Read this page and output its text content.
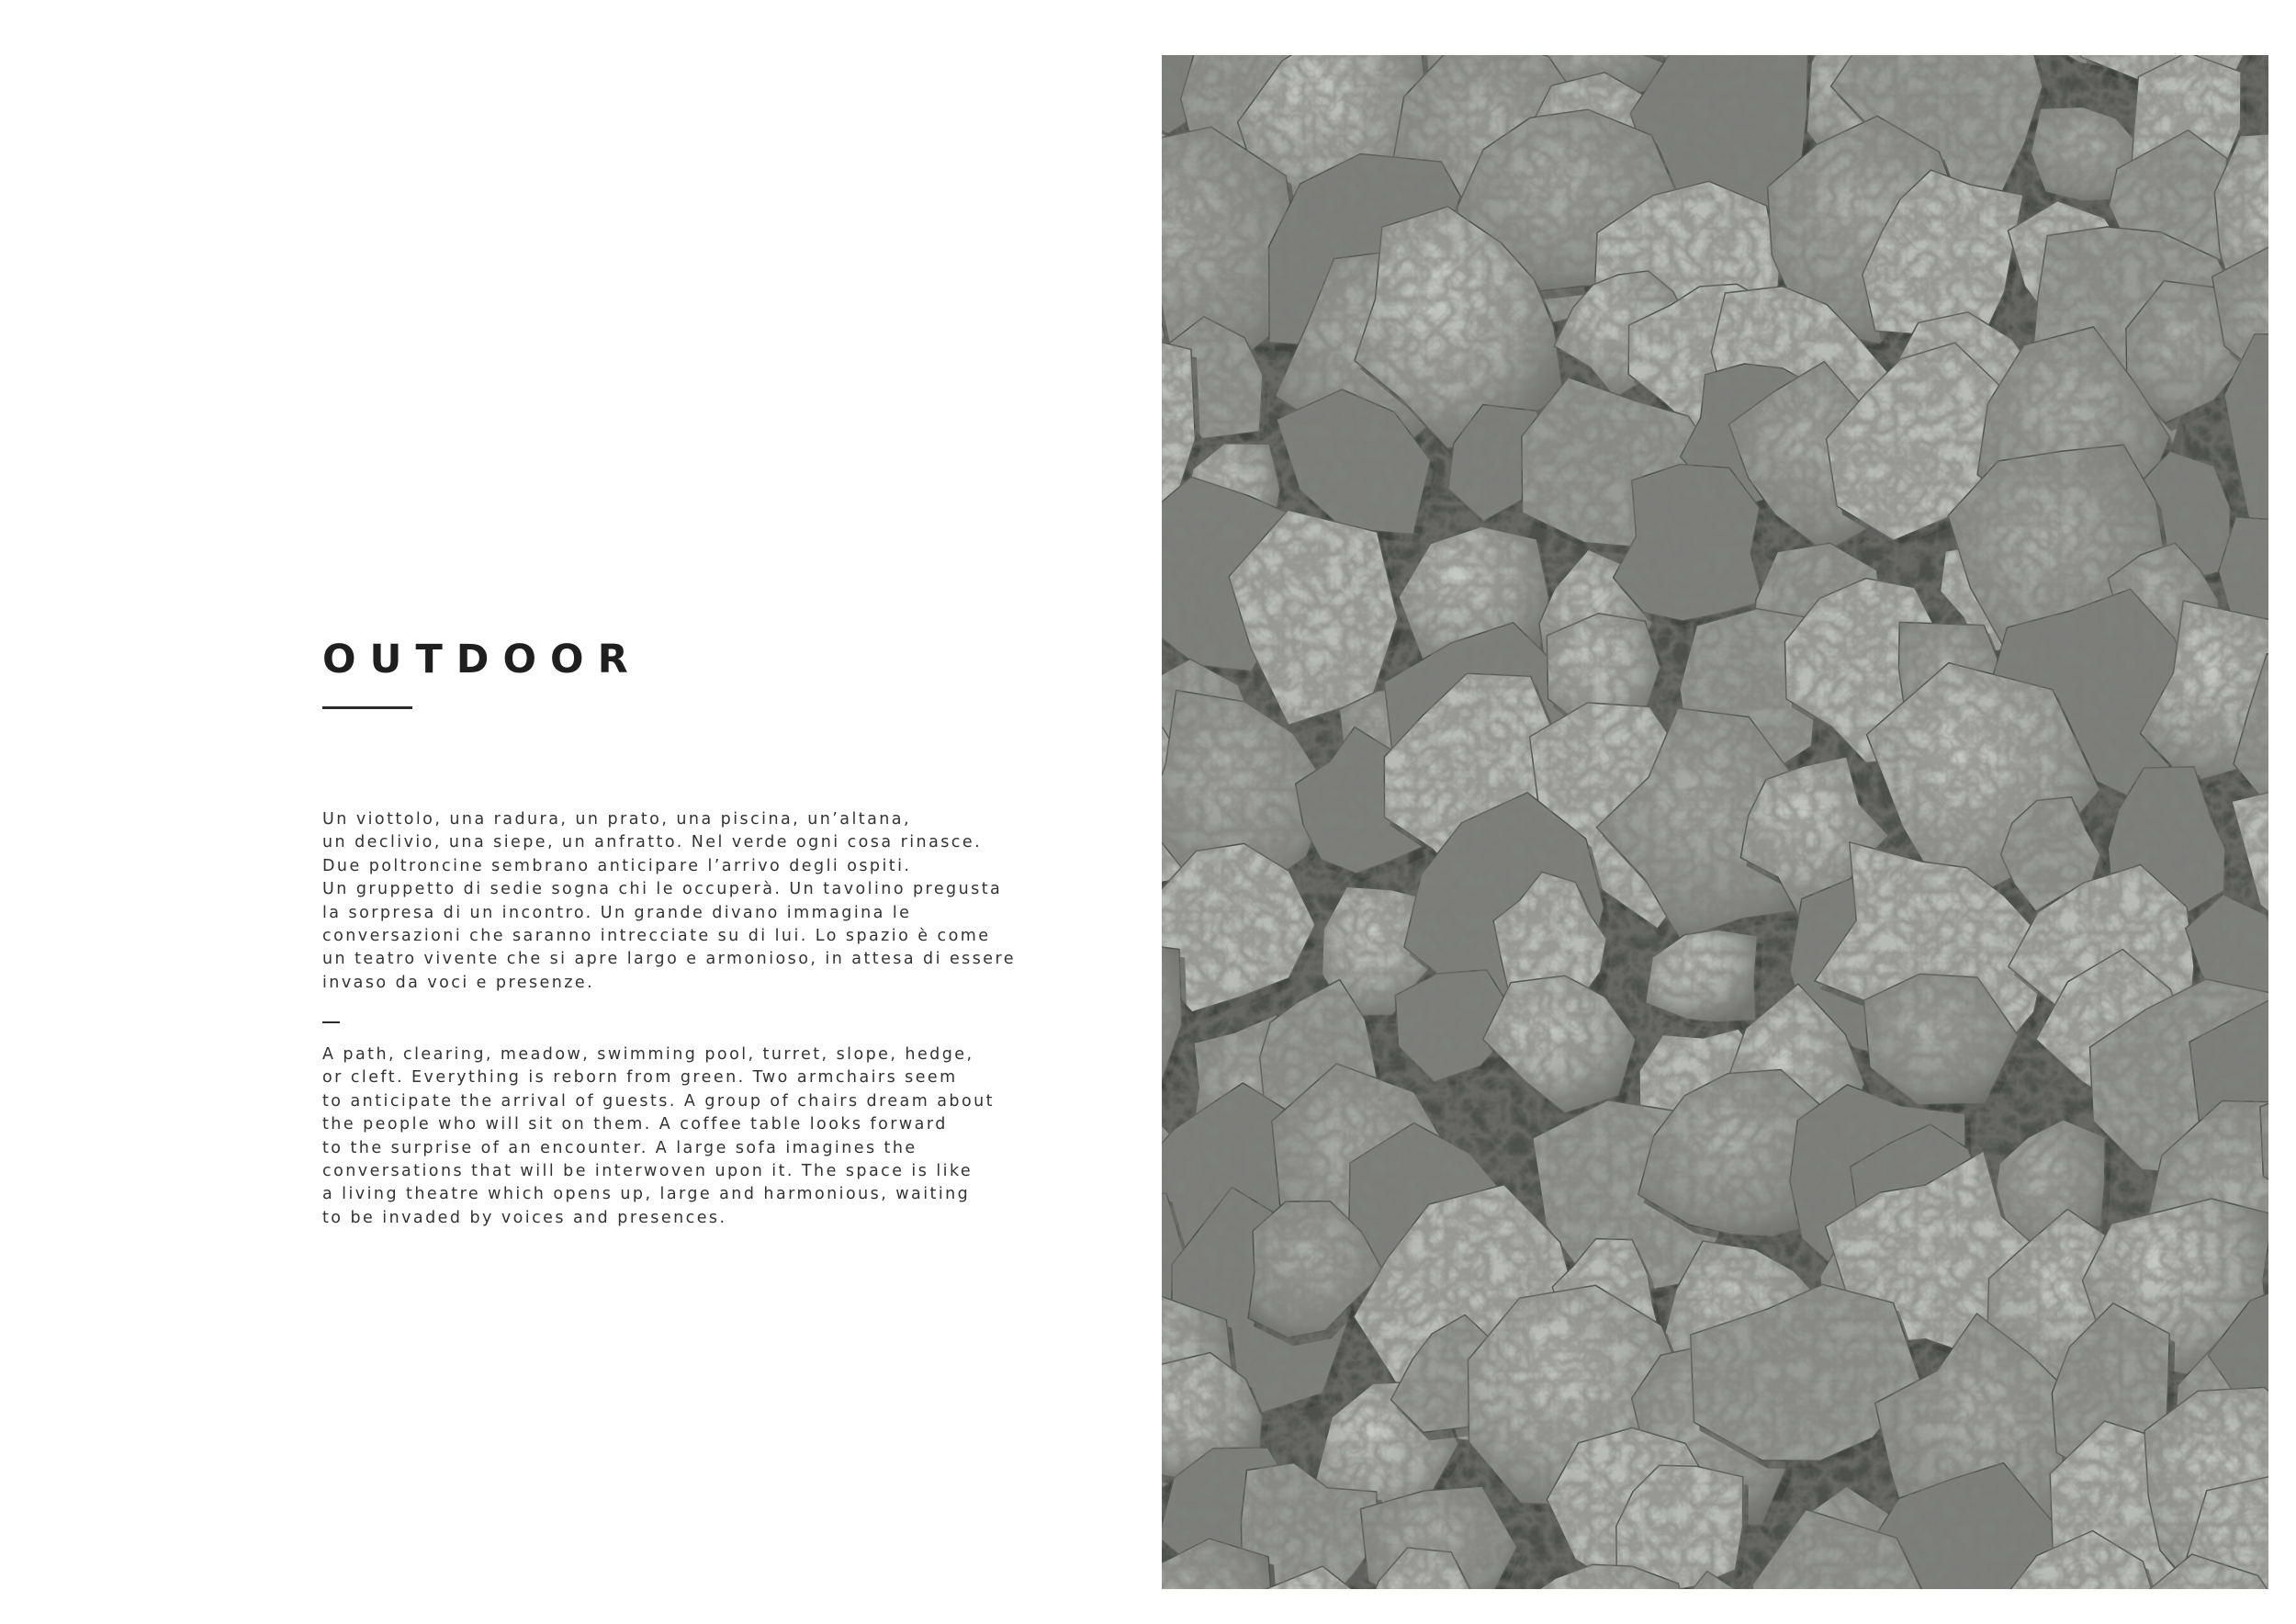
OUTDOOR
Un viottolo, una radura, un prato, una piscina, un’altana,
un declivio, una siepe, un anfratto. Nel verde ogni cosa rinasce.
Due poltroncine sembrano anticipare l’arrivo degli ospiti.
Un gruppetto di sedie sogna chi le occuperà. Un tavolino pregusta
la sorpresa di un incontro. Un grande divano immagina le
conversazioni che saranno intrecciate su di lui. Lo spazio è come
un teatro vivente che si apre largo e armonioso, in attesa di essere
invaso da voci e presenze.
A path, clearing, meadow, swimming pool, turret, slope, hedge,
or cleft. Everything is reborn from green. Two armchairs seem
to anticipate the arrival of guests. A group of chairs dream about
the people who will sit on them. A coffee table looks forward
to the surprise of an encounter. A large sofa imagines the
conversations that will be interwoven upon it. The space is like
a living theatre which opens up, large and harmonious, waiting
to be invaded by voices and presences.
